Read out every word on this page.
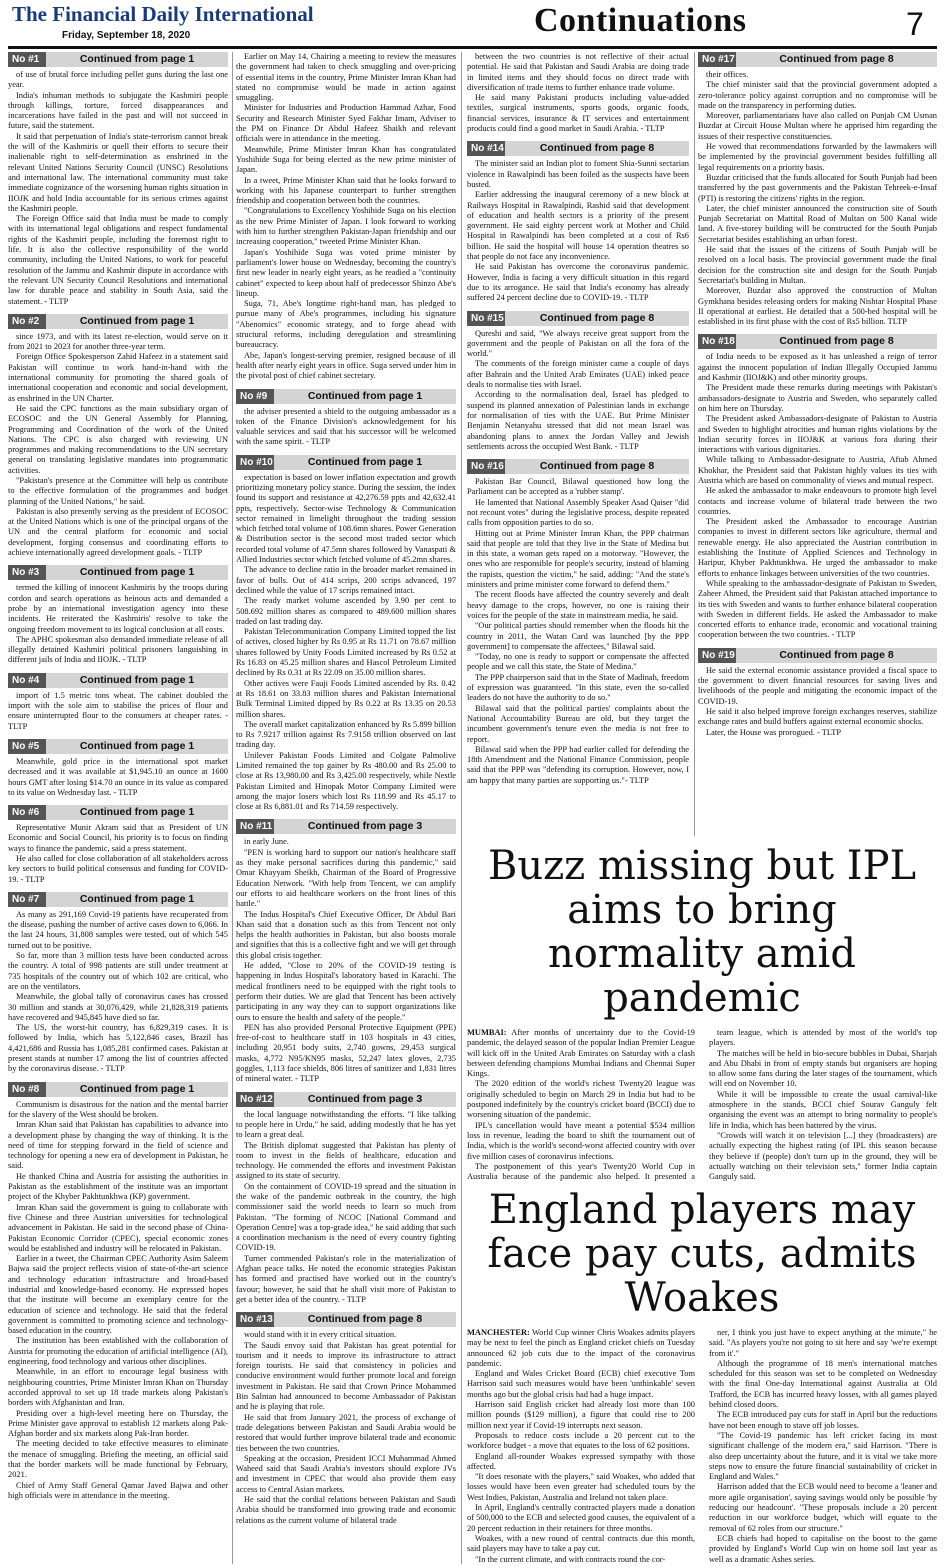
The Financial Daily International
Friday, September 18, 2020	Continuations	7
No #1	Continued from page 1

of use of brutal force including pellet guns during the last one year.

India's inhuman methods to subjugate the Kashmiri people through killings, torture, forced disappearances and incarcerations have failed in the past and will not succeed in future, said the statement.

It said that perpetuation of India's state-terrorism cannot break the will of the Kashmiris or quell their efforts to secure their inalienable right to self-determination as enshrined in the relevant United Nations Security Council (UNSC) Resolutions and international law. The international community must take immediate cognizance of the worsening human rights situation in IIOJK and hold India accountable for its serious crimes against the Kashmiri people.

The Foreign Office said that India must be made to comply with its international legal obligations and respect fundamental rights of the Kashmiri people, including the foremost right to life. It is also the collective responsibility of the world community, including the United Nations, to work for peaceful resolution of the Jammu and Kashmir dispute in accordance with the relevant UN Security Council Resolutions and international law for durable peace and stability in South Asia, said the statement. - TLTP

No #2	Continued from page 1

since 1973, and with its latest re-election, would serve on it from 2021 to 2023 for another three-year term.

Foreign Office Spokesperson Zahid Hafeez in a statement said Pakistan will continue to work hand-in-hand with the international community for promoting the shared goals of international cooperation and economic and social development, as enshrined in the UN Charter.

He said the CPC functions as the main subsidiary organ of ECOSOC and the UN General Assembly for Planning, Programming and Coordination of the work of the United Nations. The CPC is also charged with reviewing UN programmes and making recommendations to the UN secretary general on translating legislative mandates into programmatic activities.

"Pakistan's presence at the Committee will help us contribute to the effective formulation of the programmes and budget planning of the United Nations," he said.

Pakistan is also presently serving as the president of ECOSOC at the United Nations which is one of the principal organs of the UN and the central platform for economic and social development, forging consensus and coordinating efforts to achieve internationally agreed development goals. - TLTP

No #3	Continued from page 1

termed the killing of innocent Kashmiris by the troops during cordon and search operations as heinous acts and demanded a probe by an international investigation agency into these incidents. He reiterated the Kashmiris' resolve to take the ongoing freedom movement to its logical conclusion at all costs.

The APHC spokesman also demanded immediate release of all illegally detained Kashmiri political prisoners languishing in different jails of India and IIOJK. - TLTP

No #4	Continued from page 1

import of 1.5 metric tons wheat. The cabinet doubled the import with the sole aim to stabilise the prices of flour and ensure uninterrupted flour to the consumers at cheaper rates. - TLTP

No #5	Continued from page 1

Meanwhile, gold price in the international spot market decreased and it was available at $1,945.10 an ounce at 1600 hours GMT after losing $14.70 an ounce in its value as compared to its value on Wednesday last. - TLTP

No #6	Continued from page 1

Representative Munir Akram said that as President of UN Economic and Social Council, his priority is to focus on finding ways to finance the pandemic, said a press statement.

He also called for close collaboration of all stakeholders across key sectors to build political consensus and funding for COVID-19. - TLTP

No #7	Continued from page 1

As many as 291,169 Covid-19 patients have recuperated from the disease, pushing the number of active cases down to 6,066. In the last 24 hours, 31,808 samples were tested, out of which 545 turned out to be positive.

So far, more than 3 million tests have been conducted across the country. A total of 998 patients are still under treatment at 735 hospitals of the country out of which 102 are critical, who are on the ventilators.

Meanwhile, the global tally of coronavirus cases has crossed 30 million and stands at 30,076,429, while 21,828,319 patients have recovered and 945,845 have died so far.

The US, the worst-hit country, has 6,829,319 cases. It is followed by India, which has 5,122,846 cases, Brazil has 4,421,686 and Russia has 1,085,281 confirmed cases. Pakistan at present stands at number 17 among the list of countries affected by the coronavirus disease. - TLTP

No #8	Continued from page 1

Communism is disastrous for the nation and the mental barrier for the slavery of the West should be broken.

Imran Khan said that Pakistan has capabilities to advance into a development phase by changing the way of thinking. It is the need of time for stepping forward in the field of science and technology for opening a new era of development in Pakistan, he said.

He thanked China and Austria for assisting the authorities in Pakistan as the establishment of the institute was an important project of the Khyber Pakhtunkhwa (KP) government.

Imran Khan said the government is going to collaborate with five Chinese and three Austrian universities for technological advancement in Pakistan. He said in the second phase of China-Pakistan Economic Corridor (CPEC), special economic zones would be established and industry will be relocated in Pakistan.

Earlier in a tweet, the Chairman CPEC Authority Asim Saleem Bajwa said the project reflects vision of state-of-the-art science and technology education infrastructure and broad-based industrial and knowledge-based economy. He expressed hopes that the institute will become an exemplary centre for the education of science and technology. He said that the federal government is committed to promoting science and technology-based education in the country.

The institution has been established with the collaboration of Austria for promoting the education of artificial intelligence (AI), engineering, food technology and various other disciplines.

Meanwhile, in an effort to encourage legal business with neighbouring countries, Prime Minister Imran Khan on Thursday accorded approval to set up 18 trade markets along Pakistan's borders with Afghanistan and Iran.

Presiding over a high-level meeting here on Thursday, the Prime Minister gave approval to establish 12 markets along Pak-Afghan border and six markets along Pak-Iran border.

The meeting decided to take effective measures to eliminate the menace of smuggling. Briefing the meeting, an official said that the border markets will be made functional by February, 2021.

Chief of Army Staff General Qamar Javed Bajwa and other high officials were in attendance in the meeting.

Earlier on May 14, Chairing a meeting to review the measures the government had taken to check smuggling and over-pricing of essential items in the country, Prime Minister Imran Khan had stated no compromise would be made in action against smuggling.

Minister for Industries and Production Hammad Azhar, Food Security and Research Minister Syed Fakhar Imam, Adviser to the PM on Finance Dr Abdul Hafeez Shaikh and relevant officials were in attendance in the meeting.

Meanwhile, Prime Minister Imran Khan has congratulated Yoshihide Suga for being elected as the new prime minister of Japan.

In a tweet, Prime Minister Khan said that he looks forward to working with his Japanese counterpart to further strengthen friendship and cooperation between both the countries.

"Congratulations to Excellency Yoshihide Suga on his election as the new Prime Minister of Japan. I look forward to working with him to further strengthen Pakistan-Japan friendship and our increasing cooperation," tweeted Prime Minister Khan.

Japan's Yoshihide Suga was voted prime minister by parliament's lower house on Wednesday, becoming the country's first new leader in nearly eight years, as he readied a "continuity cabinet" expected to keep about half of predecessor Shinzo Abe's lineup.

Suga, 71, Abe's longtime right-hand man, has pledged to pursue many of Abe's programmes, including his signature "Abenomics" economic strategy, and to forge ahead with structural reforms, including deregulation and streamlining bureaucracy.

Abe, Japan's longest-serving premier, resigned because of ill health after nearly eight years in office. Suga served under him in the pivotal post of chief cabinet secretary.

No #9	Continued from page 1

the adviser presented a shield to the outgoing ambassador as a token of the Finance Division's acknowledgement for his valuable services and said that his successor will be welcomed with the same spirit. - TLTP

No #10	Continued from page 1

expectation is based on lower inflation expectation and growth prioritizing monetary policy stance. During the session, the index found its support and resistance at 42,276.59 ppts and 42,632.41 ppts, respectively. Sector-wise Technology & Communication sector remained in limelight throughout the trading session which fetched total volume of 108.6mn shares. Power Generation & Distribution sector is the second most traded sector which recorded total volume of 47.5mn shares followed by Vanaspati & Allied Industries sector which fetched volume of 45.2mn shares.

The advance to decline ratio in the broader market remained in favor of bulls. Out of 414 scrips, 200 scrips advanced, 197 declined while the value of 17 scrips remained intact.

The ready market volume ascended by 3.90 per cent to 508.692 million shares as compared to 489.600 million shares traded on last trading day.

Pakistan Telecommunication Company Limited topped the list of actives, closed higher by Rs 0.95 at Rs 11.71 on 78.67 million shares followed by Unity Foods Limited increased by Rs 0.52 at Rs 16.83 on 45.25 million shares and Hascol Petroleum Limited declined by Rs 0.31 at Rs 22.09 on 35.00 million shares.

Other actives were Fauji Foods Limited ascended by Rs. 0.42 at Rs 18.61 on 33.83 million shares and Pakistan International Bulk Terminal Limited dipped by Rs 0.22 at Rs 13.35 on 20.53 million shares.

The overall market capitalization enhanced by Rs 5.899 billion to Rs 7.9217 trillion against Rs 7.9158 trillion observed on last trading day.

Unilever Pakistan Foods Limited and Colgate Palmolive Limited remained the top gainer by Rs 480.00 and Rs 25.00 to close at Rs 13,980.00 and Rs 3,425.00 respectively, while Nestle Pakistan Limited and Hinopak Motor Company Limited were among the major losers which lost Rs 118.99 and Rs 45.17 to close at Rs 6,881.01 and Rs 714.59 respectively.

No #11	Continued from page 3

in early June.

"PEN is working hard to support our nation's healthcare staff as they make personal sacrifices during this pandemic," said Omar Khayyam Sheikh, Chairman of the Board of Progressive Education Network. "With help from Tencent, we can amplify our efforts to aid healthcare workers on the front lines of this battle."

The Indus Hospital's Chief Executive Officer, Dr Abdul Bari Khan said that a donation such as this from Tencent not only helps the health authorities in Pakistan, but also boosts morale and signifies that this is a collective fight and we will get through this global crisis together.

He added, "Close to 20% of the COVID-19 testing is happening in Indus Hospital's laboratory based in Karachi. The medical frontliners need to be equipped with the right tools to perform their duties. We are glad that Tencent has been actively participating in any way they can to support organizations like ours to ensure the health and safety of the people."

PEN has also provided Personal Protective Equipment (PPE) free-of-cost to healthcare staff in 103 hospitals in 43 cities, including 20,951 body suits, 2,740 gowns, 29,453 surgical masks, 4,772 N95/KN95 masks, 52,247 latex gloves, 2,735 goggles, 1,113 face shields, 806 litres of sanitizer and 1,831 litres of mineral water. - TLTP

No #12	Continued from page 3

the local language notwithstanding the efforts. "I like talking to people here in Urdu," he said, adding modestly that he has yet to learn a great deal.

The British diplomat suggested that Pakistan has plenty of room to invest in the fields of healthcare, education and technology. He commended the efforts and investment Pakistan assigned to its state of security.

On the containment of COVID-19 spread and the situation in the wake of the pandemic outbreak in the country, the high commissioner said the world needs to learn so much from Pakistan. "The forming of NCOC [National Command and Operation Centre] was a top-grade idea," he said adding that such a coordination mechanism is the need of every country fighting COVID-19.

Turner commended Pakistan's role in the materialization of Afghan peace talks. He noted the economic strategies Pakistan has formed and practised have worked out in the country's favour; however, he said that he shall visit more of Pakistan to get a better idea of the country. - TLTP

No #13	Continued from page 8

would stand with it in every critical situation.

The Saudi envoy said that Pakistan has great potential for tourism and it needs to improve its infrastructure to attract foreign tourists. He said that consistency in policies and conducive environment would further promote local and foreign investment in Pakistan. He said that Crown Prince Mohammed Bin Salman had announced to become Ambassador of Pakistan and he is playing that role.

He said that from January 2021, the process of exchange of trade delegations between Pakistan and Saudi Arabia would be restored that would further improve bilateral trade and economic ties between the two countries.

Speaking at the occasion, President ICCI Muhammad Ahmed Waheed said that Saudi Arabia's investors should explore JVs and investment in CPEC that would also provide them easy access to Central Asian markets.

He said that the cordial relations between Pakistan and Saudi Arabia should be transformed into growing trade and economic relations as the current volume of bilateral trade

between the two countries is not reflective of their actual potential. He said that Pakistan and Saudi Arabia are doing trade in limited items and they should focus on direct trade with diversification of trade items to further enhance trade volume.

He said many Pakistani products including value-added textiles, surgical instruments, sports goods, organic foods, financial services, insurance & IT services and entertainment products could find a good market in Saudi Arabia. - TLTP

No #14	Continued from page 8

The minister said an Indian plot to foment Shia-Sunni sectarian violence in Rawalpindi has been foiled as the suspects have been busted.

Earlier addressing the inaugural ceremony of a new block at Railways Hospital in Rawalpindi, Rashid said that development of education and health sectors is a priority of the present government. He said eighty percent work at Mother and Child Hospital in Rawalpindi has been completed at a cost of Rs6 billion. He said the hospital will house 14 operation theatres so that people do not face any inconvenience.

He said Pakistan has overcome the coronavirus pandemic. However, India is facing a very difficult situation in this regard due to its arrogance. He said that India's economy has already suffered 24 percent decline due to COVID-19. - TLTP

No #15	Continued from page 8

Qureshi and said, "We always receive great support from the government and the people of Pakistan on all the fora of the world."

The comments of the foreign minister came a couple of days after Bahrain and the United Arab Emirates (UAE) inked peace deals to normalise ties with Israel.

According to the normalisation deal, Israel has pledged to suspend its planned annexation of Palestinian lands in exchange for normalisation of ties with the UAE. But Prime Minister Benjamin Netanyahu stressed that did not mean Israel was abandoning plans to annex the Jordan Valley and Jewish settlements across the occupied West Bank. - TLTP

No #16	Continued from page 8

Pakistan Bar Council, Bilawal questioned how long the Parliament can be accepted as a 'rubber stamp'.

He lamented that National Assembly Speaker Asad Qaiser "did not recount votes" during the legislative process, despite repeated calls from opposition parties to do so.

Hitting out at Prime Minister Imran Khan, the PPP chairman said that people are told that they live in the State of Medina but in this state, a woman gets raped on a motorway. "However, the ones who are responsible for people's security, instead of blaming the rapists, question the victim," he said, adding: "And the state's ministers and prime minister come forward to defend them."

The recent floods have affected the country severely and dealt heavy damage to the crops, however, no one is raising their voices for the people of the state in mainstream media, he said.

"Our political parties should remember when the floods hit the country in 2011, the Watan Card was launched [by the PPP government] to compensate the affectees," Bilawal said.

"Today, no one is ready to support or compensate the affected people and we call this state, the State of Medina."

The PPP chairperson said that in the State of Madinah, freedom of expression was guaranteed. "In this state, even the so-called leaders do not have the authority to do so."

Bilawal said that the political parties' complaints about the National Accountability Bureau are old, but they target the incumbent government's tenure even the media is not free to report.

Bilawal said when the PPP had earlier called for defending the 18th Amendment and the National Finance Commission, people said that the PPP was "defending its corruption. However, now, I am happy that many parties are supporting us."- TLTP

No #17	Continued from page 8

their offices.

The chief minister said that the provincial government adopted a zero-tolerance policy against corruption and no compromise will be made on the transparency in performing duties.

Moreover, parliamentarians have also called on Punjab CM Usman Buzdar at Circuit House Multan where he apprised him regarding the issues of their respective constituencies.

He vowed that recommendations forwarded by the lawmakers will be implemented by the provincial government besides fulfilling all legal requirements on a priority basis.

Buzdar criticised that the funds allocated for South Punjab had been transferred by the past governments and the Pakistan Tehreek-e-Insaf (PTI) is restoring the citizens' rights in the region.

Later, the chief minister announced the construction site of South Punjab Secretariat on Mattital Road of Multan on 500 Kanal wide land. A five-storey building will be constructed for the South Punjab Secretariat besides establishing an urban forest.

He said that the issues of the citizens of South Punjab will be resolved on a local basis. The provincial government made the final decision for the construction site and design for the South Punjab Secretariat's building in Multan.

Moreover, Buzdar also approved the construction of Multan Gymkhana besides releasing orders for making Nishtar Hospital Phase II operational at earliest. He detailed that a 500-bed hospital will be established in its first phase with the cost of Rs5 billion. TLTP

No #18	Continued from page 8

of India needs to be exposed as it has unleashed a reign of terror against the innocent population of Indian Illegally Occupied Jammu and Kashmir (IIOJ&K) and other minority groups.

The President made these remarks during meetings with Pakistan's ambassadors-designate to Austria and Sweden, who separately called on him here on Thursday.

The President asked Ambassadors-designate of Pakistan to Austria and Sweden to highlight atrocities and human rights violations by the Indian security forces in IIOJ&K at various fora during their interactions with various dignitaries.

While talking to Ambassador-designate to Austria, Aftab Ahmed Khokhar, the President said that Pakistan highly values its ties with Austria which are based on commonality of views and mutual respect.

He asked the ambassador to make endeavours to promote high level contacts and increase volume of bilateral trade between the two countries.

The President asked the Ambassador to encourage Austrian companies to invest in different sectors like agriculture, thermal and renewable energy. He also appreciated the Austrian contribution in establishing the Institute of Applied Sciences and Technology in Haripur, Khyber Pakhtunkhwa. He urged the ambassador to make efforts to enhance linkages between universities of the two countries.

While speaking to the ambassador-designate of Pakistan to Sweden, Zaheer Ahmed, the President said that Pakistan attached importance to its ties with Sweden and wants to further enhance bilateral cooperation with Sweden in different fields. He asked the Ambassador to make concerted efforts to enhance trade, economic and vocational training cooperation between the two countries. - TLTP

No #19	Continued from page 8

He said the external economic assistance provided a fiscal space to the government to divert financial resources for saving lives and livelihoods of the people and mitigating the economic impact of the COVID-19.

He said it also helped improve foreign exchanges reserves, stabilize exchange rates and build buffers against external economic shocks.

Later, the House was prorogued. - TLTP

Buzz missing but IPL aims to bring normality amid pandemic

MUMBAI: After months of uncertainty due to the Covid-19 pandemic, the delayed season of the popular Indian Premier League will kick off in the United Arab Emirates on Saturday with a clash between defending champions Mumbai Indians and Chennai Super Kings.

The 2020 edition of the world's richest Twenty20 league was originally scheduled to begin on March 29 in India but had to be postponed indefinitely by the country's cricket board (BCCI) due to worsening situation of the pandemic.

IPL's cancellation would have meant a potential $534 million loss in revenue, leading the board to shift the tournament out of India, which is the world's second-worst affected country with over five million cases of coronavirus infections.

The postponement of this year's Twenty20 World Cup in Australia because of the pandemic also helped. It presented a

team league, which is attended by most of the world's top players.

The matches will be held in bio-secure bubbles in Dubai, Sharjah and Abu Dhabi in front of empty stands but organisers are hoping to allow some fans during the later stages of the tournament, which will end on November 10.

While it will be impossible to create the usual carnival-like atmosphere in the stands, BCCI chief Sourav Ganguly felt organising the event was an attempt to bring normality to people's life in India, which has been battered by the virus.

"Crowds will watch it on television [...] they (broadcasters) are actually expecting the highest rating (of IPL this season because they believe if (people) don't turn up in the ground, they will be actually watching on their television sets," former India captain Ganguly said.

England players may face pay cuts, admits Woakes

MANCHESTER: World Cup winner Chris Woakes admits players may be next to feel the pinch as England cricket chiefs on Tuesday announced 62 job cuts due to the impact of the coronavirus pandemic.

England and Wales Cricket Board (ECB) chief executive Tom Harrison said such measures would have been 'unthinkable' seven months ago but the global crisis had had a huge impact.

Harrison said English cricket had already lost more than 100 million pounds ($129 million), a figure that could rise to 200 million next year if Covid-19 interrupts next season.

Proposals to reduce costs include a 20 percent cut to the workforce budget - a move that equates to the loss of 62 positions.

England all-rounder Woakes expressed sympathy with those affected.

"It does resonate with the players," said Woakes, who added that losses would have been even greater had scheduled tours by the West Indies, Pakistan, Australia and Ireland not taken place.

In April, England's centrally contracted players made a donation of 500,000 to the ECB and selected good causes, the equivalent of a 20 percent reduction in their retainers for three months.

Woakes, with a new round of central contracts due this month, said players may have to take a pay cut.

"In the current climate, and with contracts round the cor-

ner, I think you just have to expect anything at the minute," he said. "As players you're not going to sit here and say 'we're exempt from it'."

Although the programme of 18 men's international matches scheduled for this season was set to be completed on Wednesday with the final One-day International against Australia at Old Trafford, the ECB has incurred heavy losses, with all games played behind closed doors.

The ECB introduced pay cuts for staff in April but the reductions have not been enough to stave off job losses.

"The Covid-19 pandemic has left cricket facing its most significant challenge of the modern era," said Harrison. "There is also deep uncertainty about the future, and it is vital we take more steps now to ensure the future financial sustainability of cricket in England and Wales."

Harrison added that the ECB would need to become a 'leaner and more agile organisation', saying savings would only be possible 'by reducing our headcount'. "These proposals include a 20 percent reduction in our workforce budget, which will equate to the removal of 62 roles from our structure."

ECB chiefs had hoped to capitalise on the boost to the game provided by England's World Cup win on home soil last year as well as a dramatic Ashes series.
